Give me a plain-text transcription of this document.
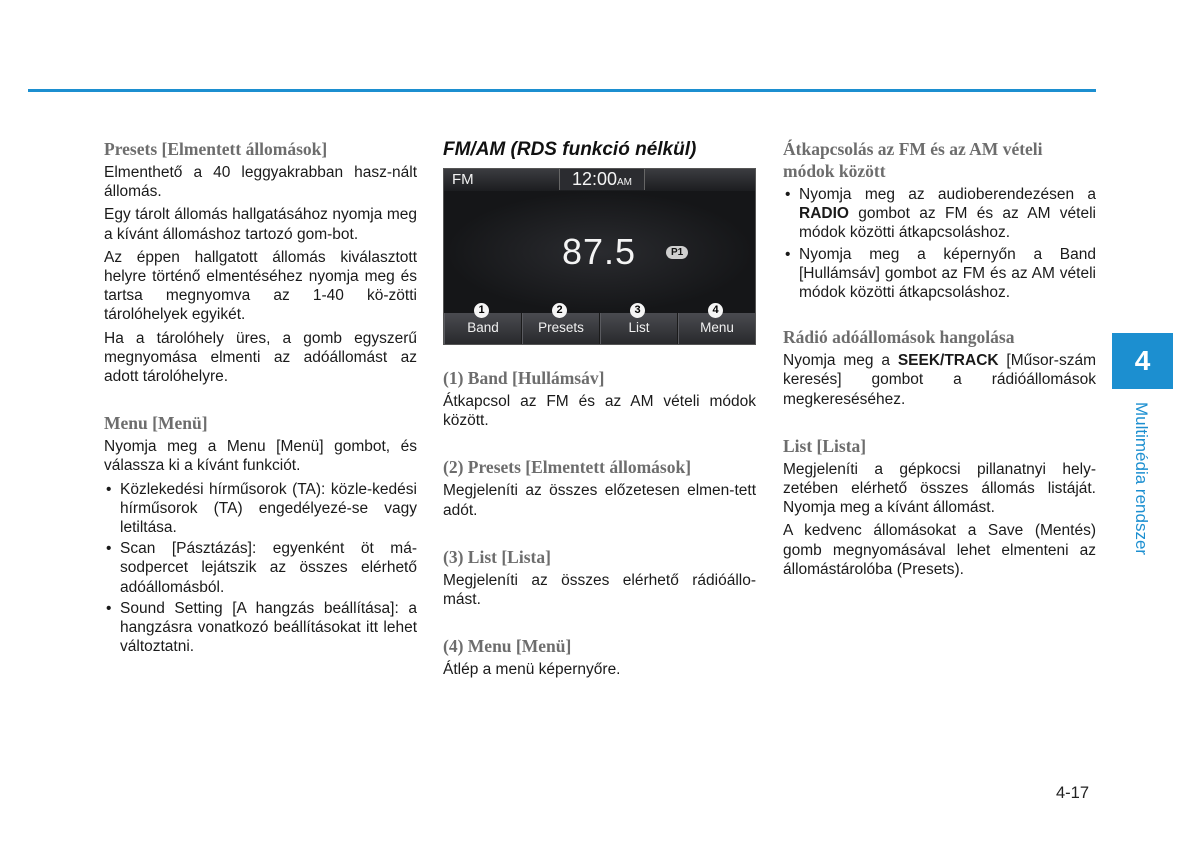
Presets [Elmentett állomások]
Elmenthető a 40 leggyakrabban hasz-nált állomás.
Egy tárolt állomás hallgatásához nyomja meg a kívánt állomáshoz tartozó gom-bot.
Az éppen hallgatott állomás kiválasztott helyre történő elmentéséhez nyomja meg és tartsa megnyomva az 1-40 kö-zötti tárolóhelyek egyikét.
Ha a tárolóhely üres, a gomb egyszerű megnyomása elmenti az adóállomást az adott tárolóhelyre.
Menu [Menü]
Nyomja meg a Menu [Menü] gombot, és válassza ki a kívánt funkciót.
• Közlekedési hírműsorok (TA): közle-kedési hírműsorok (TA) engedélyezé-se vagy letiltása.
• Scan [Pásztázás]: egyenként öt má-sodpercet lejátszik az összes elérhető adóállomásból.
• Sound Setting [A hangzás beállítása]: a hangzásra vonatkozó beállításokat itt lehet változtatni.
FM/AM (RDS funkció nélkül)
FM	12:00AM
87.5	P1
Band	Presets	List	Menu
1	2	3	4
(1) Band [Hullámsáv]
Átkapcsol az FM és az AM vételi módok között.
(2) Presets [Elmentett állomások]
Megjeleníti az összes előzetesen elmen-tett adót.
(3) List [Lista]
Megjeleníti az összes elérhető rádióállo-mást.
(4) Menu [Menü]
Átlép a menü képernyőre.
Átkapcsolás az FM és az AM vételi módok között
• Nyomja meg az audioberendezésen a RADIO gombot az FM és az AM vételi módok közötti átkapcsoláshoz.
• Nyomja meg a képernyőn a Band [Hullámsáv] gombot az FM és az AM vételi módok közötti átkapcsoláshoz.
Rádió adóállomások hangolása
Nyomja meg a SEEK/TRACK [Műsor-szám keresés] gombot a rádióállomások megkereséséhez.
List [Lista]
Megjeleníti a gépkocsi pillanatnyi hely-zetében elérhető összes állomás listáját. Nyomja meg a kívánt állomást.
A kedvenc állomásokat a Save (Mentés) gomb megnyomásával lehet elmenteni az állomástárolóba (Presets).
4
Multimédia rendszer
4-17
